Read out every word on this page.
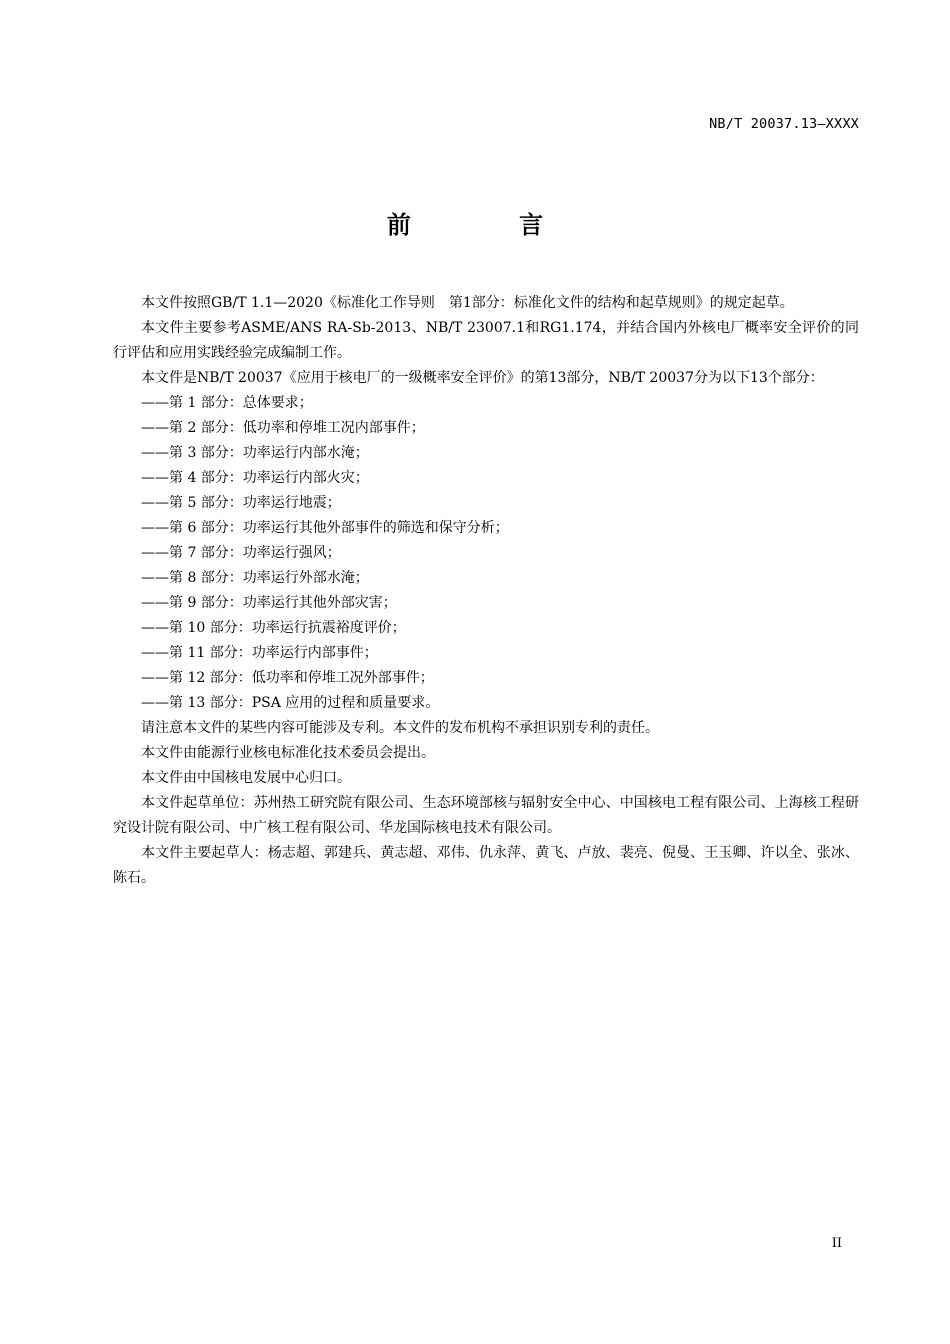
NB/T 20037.13—XXXX
前 言

本文件按照GB/T 1.1—2020《标准化工作导则　第1部分：标准化文件的结构和起草规则》的规定起草。

本文件主要参考ASME/ANS RA-Sb-2013、NB/T 23007.1和RG1.174，并结合国内外核电厂概率安全评价的同行评估和应用实践经验完成编制工作。

本文件是NB/T 20037《应用于核电厂的一级概率安全评价》的第13部分，NB/T 20037分为以下13个部分：

——第 1 部分：总体要求；

——第 2 部分：低功率和停堆工况内部事件；

——第 3 部分：功率运行内部水淹；

——第 4 部分：功率运行内部火灾；

——第 5 部分：功率运行地震；

——第 6 部分：功率运行其他外部事件的筛选和保守分析；

——第 7 部分：功率运行强风；

——第 8 部分：功率运行外部水淹；

——第 9 部分：功率运行其他外部灾害；

——第 10 部分：功率运行抗震裕度评价；

——第 11 部分：功率运行内部事件；

——第 12 部分：低功率和停堆工况外部事件；

——第 13 部分：PSA 应用的过程和质量要求。

请注意本文件的某些内容可能涉及专利。本文件的发布机构不承担识别专利的责任。

本文件由能源行业核电标准化技术委员会提出。

本文件由中国核电发展中心归口。

本文件起草单位：苏州热工研究院有限公司、生态环境部核与辐射安全中心、中国核电工程有限公司、上海核工程研究设计院有限公司、中广核工程有限公司、华龙国际核电技术有限公司。

本文件主要起草人：杨志超、郭建兵、黄志超、邓伟、仇永萍、黄飞、卢放、裴亮、倪曼、王玉卿、许以全、张冰、陈石。

II
